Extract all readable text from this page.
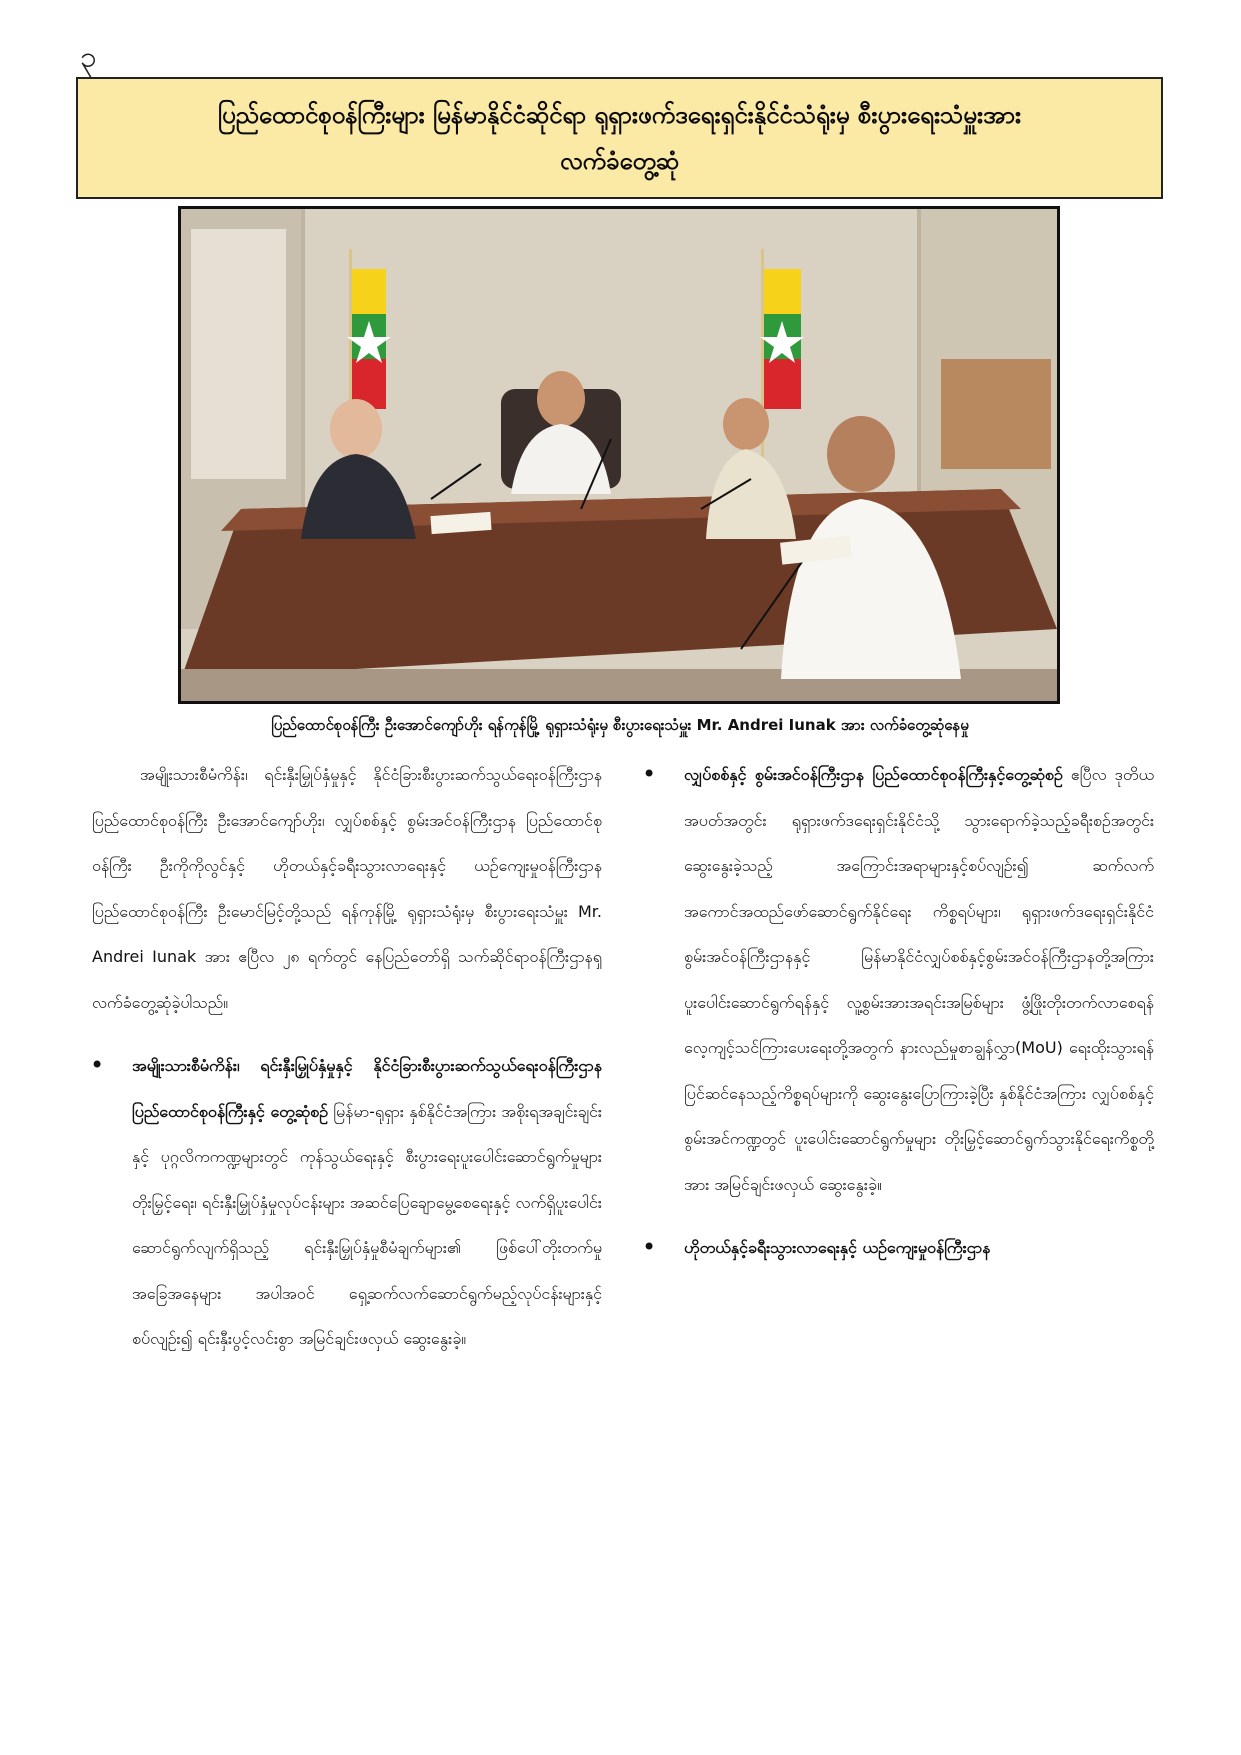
၃
ပြည်ထောင်စုဝန်ကြီးများ မြန်မာနိုင်ငံဆိုင်ရာ ရုရှားဖက်ဒရေးရှင်းနိုင်ငံသံရုံးမှ စီးပွားရေးသံမှူးအား
လက်ခံတွေ့ဆုံ
ပြည်ထောင်စုဝန်ကြီး ဦးအောင်ကျော်ဟိုး ရန်ကုန်မြို့ ရုရှားသံရုံးမှ စီးပွားရေးသံမှူး Mr. Andrei Iunak အား လက်ခံတွေ့ဆုံနေမှု

အမျိုးသားစီမံကိန်း၊ ရင်းနှီးမြှုပ်နှံမှုနှင့် နိုင်ငံခြားစီးပွားဆက်သွယ်ရေးဝန်ကြီးဌာန ပြည်ထောင်စုဝန်ကြီး ဦးအောင်ကျော်ဟိုး၊ လျှပ်စစ်နှင့် စွမ်းအင်ဝန်ကြီးဌာန ပြည်ထောင်စုဝန်ကြီး ဦးကိုကိုလွင်နှင့် ဟိုတယ်နှင့်ခရီးသွားလာရေးနှင့် ယဉ်ကျေးမှုဝန်ကြီးဌာန ပြည်ထောင်စုဝန်ကြီး ဦးမောင်မြင့်တို့သည် ရန်ကုန်မြို့ ရုရှားသံရုံးမှ စီးပွားရေးသံမှူး Mr. Andrei Iunak အား ဧပြီလ ၂၈ ရက်တွင် နေပြည်တော်ရှိ သက်ဆိုင်ရာဝန်ကြီးဌာနၡ လက်ခံတွေ့ဆုံခဲ့ပါသည်။

• အမျိုးသားစီမံကိန်း၊ ရင်းနှီးမြှုပ်နှံမှုနှင့် နိုင်ငံခြားစီးပွားဆက်သွယ်ရေးဝန်ကြီးဌာန ပြည်ထောင်စုဝန်ကြီးနှင့် တွေ့ဆုံစဉ် မြန်မာ-ရုရှား နှစ်နိုင်ငံအကြား အစိုးရအချင်းချင်းနှင့် ပုဂ္ဂလိကကဏ္ဍများတွင် ကုန်သွယ်ရေးနှင့် စီးပွားရေးပူးပေါင်းဆောင်ရွက်မှုများတိုးမြှင့်ရေး၊ ရင်းနှီးမြှုပ်နှံမှုလုပ်ငန်းများ အဆင်ပြေချောမွေ့စေရေးနှင့် လက်ရှိပူးပေါင်းဆောင်ရွက်လျက်ရှိသည့် ရင်းနှီးမြှုပ်နှံမှုစီမံချက်များ၏ ဖြစ်ပေါ်တိုးတက်မှုအခြေအနေများ အပါအဝင် ရှေ့ဆက်လက်ဆောင်ရွက်မည့်လုပ်ငန်းများနှင့်စပ်လျဉ်း၍ ရင်းနှီးပွင့်လင်းစွာ အမြင်ချင်းဖလှယ် ဆွေးနွေးခဲ့။

• လျှပ်စစ်နှင့် စွမ်းအင်ဝန်ကြီးဌာန ပြည်ထောင်စုဝန်ကြီးနှင့်တွေ့ဆုံစဉ် ဧပြီလ ဒုတိယအပတ်အတွင်း ရုရှားဖက်ဒရေးရှင်းနိုင်ငံသို့ သွားရောက်ခဲ့သည့်ခရီးစဉ်အတွင်း ဆွေးနွေးခဲ့သည့် အကြောင်းအရာများနှင့်စပ်လျဉ်း၍ ဆက်လက်အကောင်အထည်ဖော်ဆောင်ရွက်နိုင်ရေး ကိစ္စရပ်များ၊ ရုရှားဖက်ဒရေးရှင်းနိုင်ငံ စွမ်းအင်ဝန်ကြီးဌာနနှင့် မြန်မာနိုင်ငံလျှပ်စစ်နှင့်စွမ်းအင်ဝန်ကြီးဌာနတို့အကြား ပူးပေါင်းဆောင်ရွက်ရန်နှင့် လူ့စွမ်းအားအရင်းအမြစ်များ ဖွံ့ဖြိုးတိုးတက်လာစေရန် လေ့ကျင့်သင်ကြားပေးရေးတို့အတွက် နားလည်မှုစာချွန်လွှာ(MoU) ရေးထိုးသွားရန် ပြင်ဆင်နေသည့်ကိစ္စရပ်များကို ဆွေးနွေးပြောကြားခဲ့ပြီး နှစ်နိုင်ငံအကြား လျှပ်စစ်နှင့်စွမ်းအင်ကဏ္ဍတွင် ပူးပေါင်းဆောင်ရွက်မှုများ တိုးမြှင့်ဆောင်ရွက်သွားနိုင်ရေးကိစ္စတို့အား အမြင်ချင်းဖလှယ် ဆွေးနွေးခဲ့။

• ဟိုတယ်နှင့်ခရီးသွားလာရေးနှင့် ယဉ်ကျေးမှုဝန်ကြီးဌာန
